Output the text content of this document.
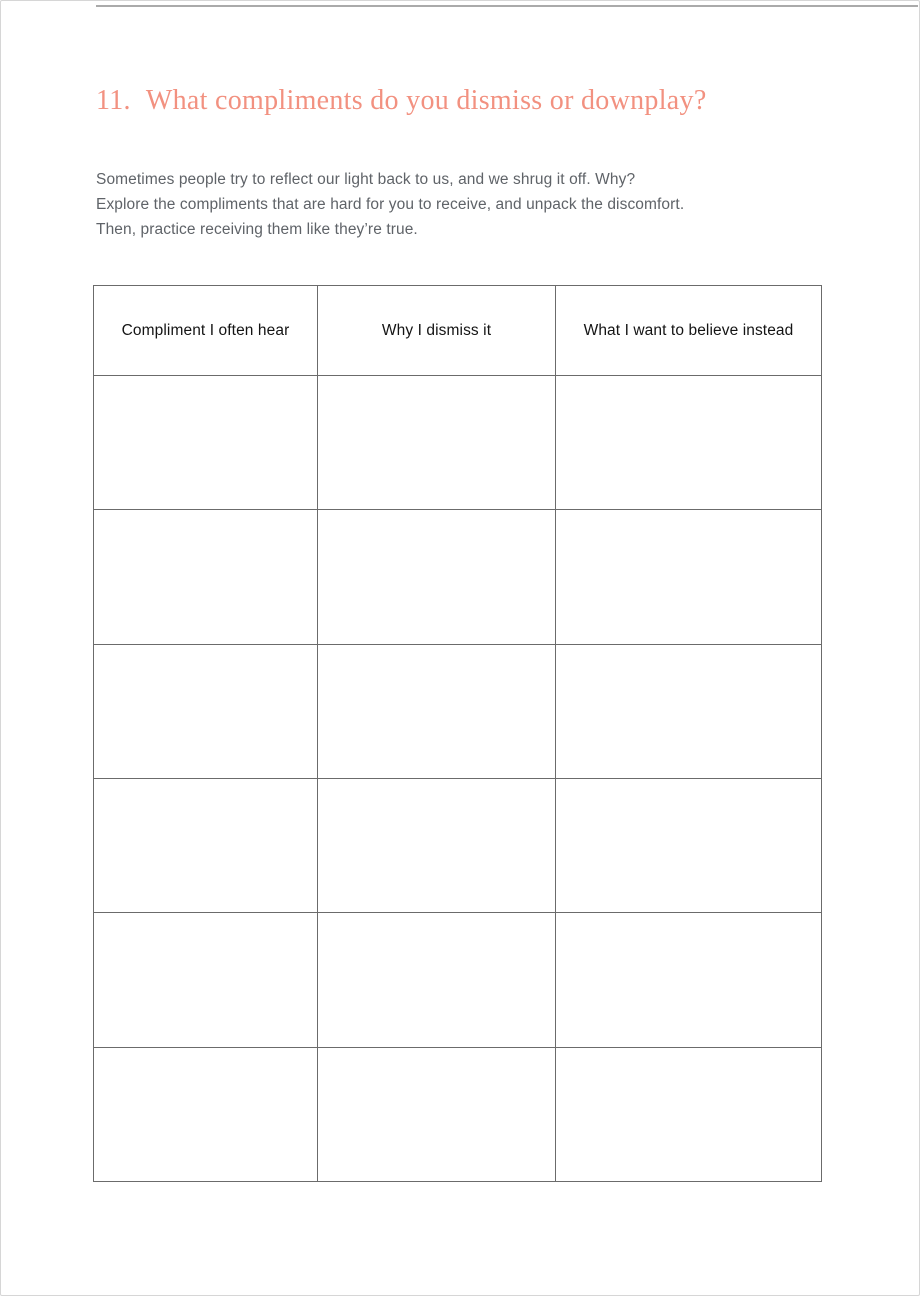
11. What compliments do you dismiss or downplay?
Sometimes people try to reflect our light back to us, and we shrug it off. Why?
Explore the compliments that are hard for you to receive, and unpack the discomfort.
Then, practice receiving them like they’re true.
Compliment I often hear	Why I dismiss it	What I want to believe instead
